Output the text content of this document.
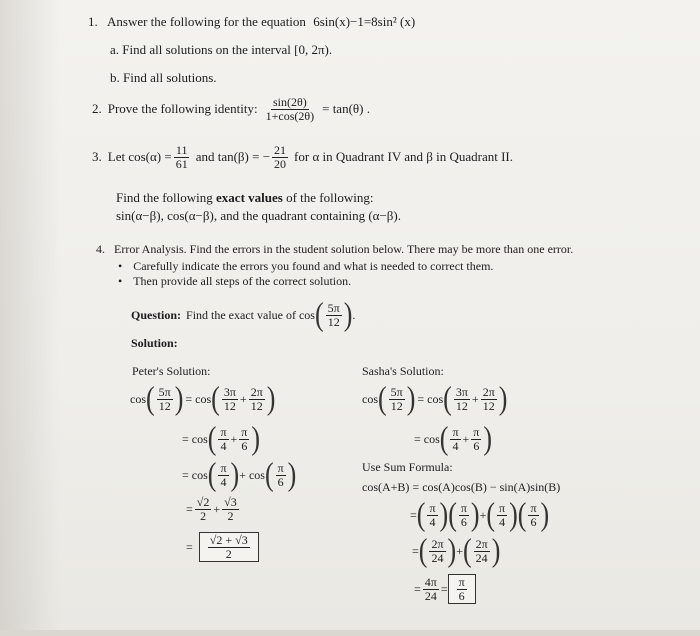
1. Answer the following for the equation 6sin(x)−1=8sin² (x)
a. Find all solutions on the interval [0, 2π).
b. Find all solutions.
2. Prove the following identity: $\frac{\sin(2\theta)}{1+\cos(2\theta)} = \tan(\theta)$ .
3. Let $\cos(\alpha) = \frac{11}{61}$ and tan(β) = − $\frac{21}{20}$ for α in Quadrant IV and β in Quadrant II.
Find the following exact values of the following:
sin(α−β), cos(α−β), and the quadrant containing (α−β).
4. Error Analysis. Find the errors in the student solution below. There may be more than one error.
• Carefully indicate the errors you found and what is needed to correct them.
• Then provide all steps of the correct solution.
Question: Find the exact value of cos ( $\frac{5\pi}{12}$ ) .
Solution:
Peter's Solution:
cos ( $\frac{5\pi}{12}$ ) = cos ( $\frac{3\pi}{12} + \frac{2\pi}{12}$ )
= cos ( $\frac{\pi}{4} + \frac{\pi}{6}$ )
= cos ( $\frac{\pi}{4}$ ) + cos ( $\frac{\pi}{6}$ )
= $\frac{√2}{2} + \frac{√3}{2}$
= $\frac{√2 + √3}{2}$
Sasha's Solution:
cos ( $\frac{5\pi}{12}$ ) = cos ( $\frac{3\pi}{12} + \frac{2\pi}{12}$ )
= cos ( $\frac{\pi}{4} + \frac{\pi}{6}$ )
Use Sum Formula:
cos(A+B) = cos(A)cos(B) − sin(A)sin(B)
= ( $\frac{\pi}{4}$ ) ( $\frac{\pi}{6}$ ) + ( $\frac{\pi}{4}$ ) ( $\frac{\pi}{6}$ )
= ( $\frac{2\pi}{24}$ ) + ( $\frac{2\pi}{24}$ )
= $\frac{4\pi}{24} = \frac{\pi}{6}$
